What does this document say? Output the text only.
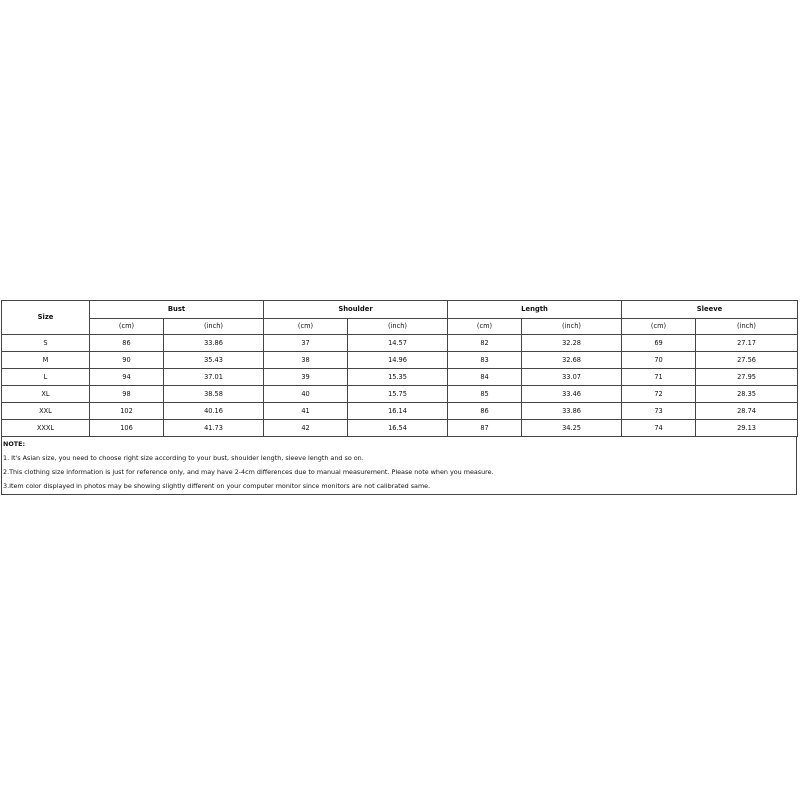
Size	Bust		Shoulder		Length		Sleeve	
	(cm)	(inch)	(cm)	(inch)	(cm)	(inch)	(cm)	(inch)
S	86	33.86	37	14.57	82	32.28	69	27.17
M	90	35.43	38	14.96	83	32.68	70	27.56
L	94	37.01	39	15.35	84	33.07	71	27.95
XL	98	38.58	40	15.75	85	33.46	72	28.35
XXL	102	40.16	41	16.14	86	33.86	73	28.74
XXXL	106	41.73	42	16.54	87	34.25	74	29.13
NOTE:
1. It's Asian size, you need to choose right size according to your bust, shoulder length, sleeve length and so on.
2.This clothing size information is just for reference only, and may have 2-4cm differences due to manual measurement. Please note when you measure.
3.Item color displayed in photos may be showing slightly different on your computer monitor since monitors are not calibrated same.
